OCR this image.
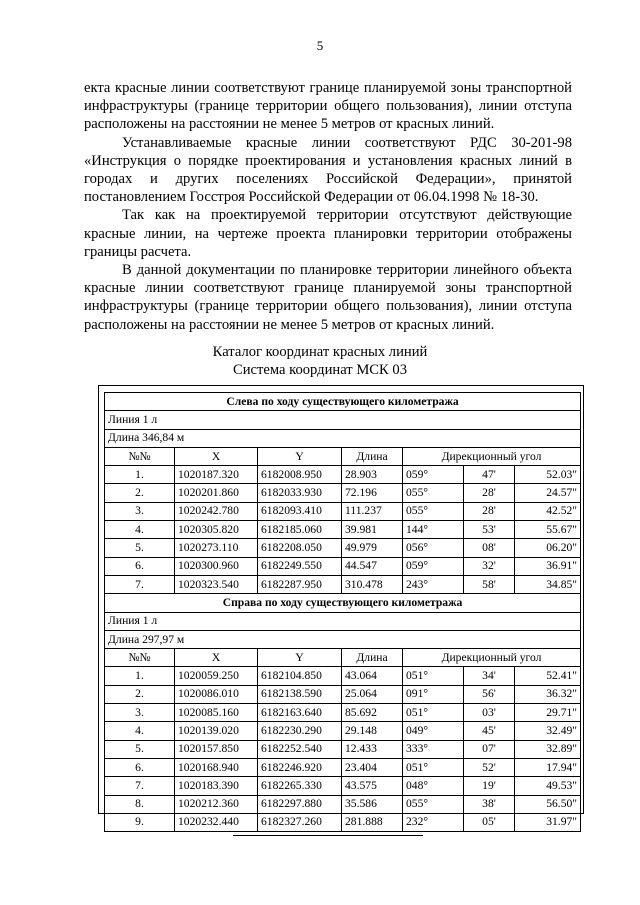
5

екта красные линии соответствуют границе планируемой зоны транспортной инфраструктуры (границе территории общего пользования), линии отступа расположены на расстоянии не менее 5 метров от красных линий.

Устанавливаемые красные линии соответствуют РДС 30-201-98 «Инструкция о порядке проектирования и установления красных линий в городах и других поселениях Российской Федерации», принятой постановлением Госстроя Российской Федерации от 06.04.1998 № 18-30.

Так как на проектируемой территории отсутствуют действующие красные линии, на чертеже проекта планировки территории отображены границы расчета.

В данной документации по планировке территории линейного объекта красные линии соответствуют границе планируемой зоны транспортной инфраструктуры (границе территории общего пользования), линии отступа расположены на расстоянии не менее 5 метров от красных линий.

Каталог координат красных линий
Система координат МСК 03
Слева по ходу существующего километража						
Линия 1 л						
Длина 346,84 м						
№№	X	Y	Длина	Дирекционный угол		
1.	1020187.320	6182008.950	28.903	059°	47'	52.03"
2.	1020201.860	6182033.930	72.196	055°	28'	24.57"
3.	1020242.780	6182093.410	111.237	055°	28'	42.52"
4.	1020305.820	6182185.060	39.981	144°	53'	55.67"
5.	1020273.110	6182208.050	49.979	056°	08'	06.20"
6.	1020300.960	6182249.550	44.547	059°	32'	36.91"
7.	1020323.540	6182287.950	310.478	243°	58'	34.85"
Справа по ходу существующего километража						
Линия 1 л						
Длина 297,97 м						
№№	X	Y	Длина	Дирекционный угол		
1.	1020059.250	6182104.850	43.064	051°	34'	52.41"
2.	1020086.010	6182138.590	25.064	091°	56'	36.32"
3.	1020085.160	6182163.640	85.692	051°	03'	29.71"
4.	1020139.020	6182230.290	29.148	049°	45'	32.49"
5.	1020157.850	6182252.540	12.433	333°	07'	32.89"
6.	1020168.940	6182246.920	23.404	051°	52'	17.94"
7.	1020183.390	6182265.330	43.575	048°	19'	49.53"
8.	1020212.360	6182297.880	35.586	055°	38'	56.50"
9.	1020232.440	6182327.260	281.888	232°	05'	31.97"
